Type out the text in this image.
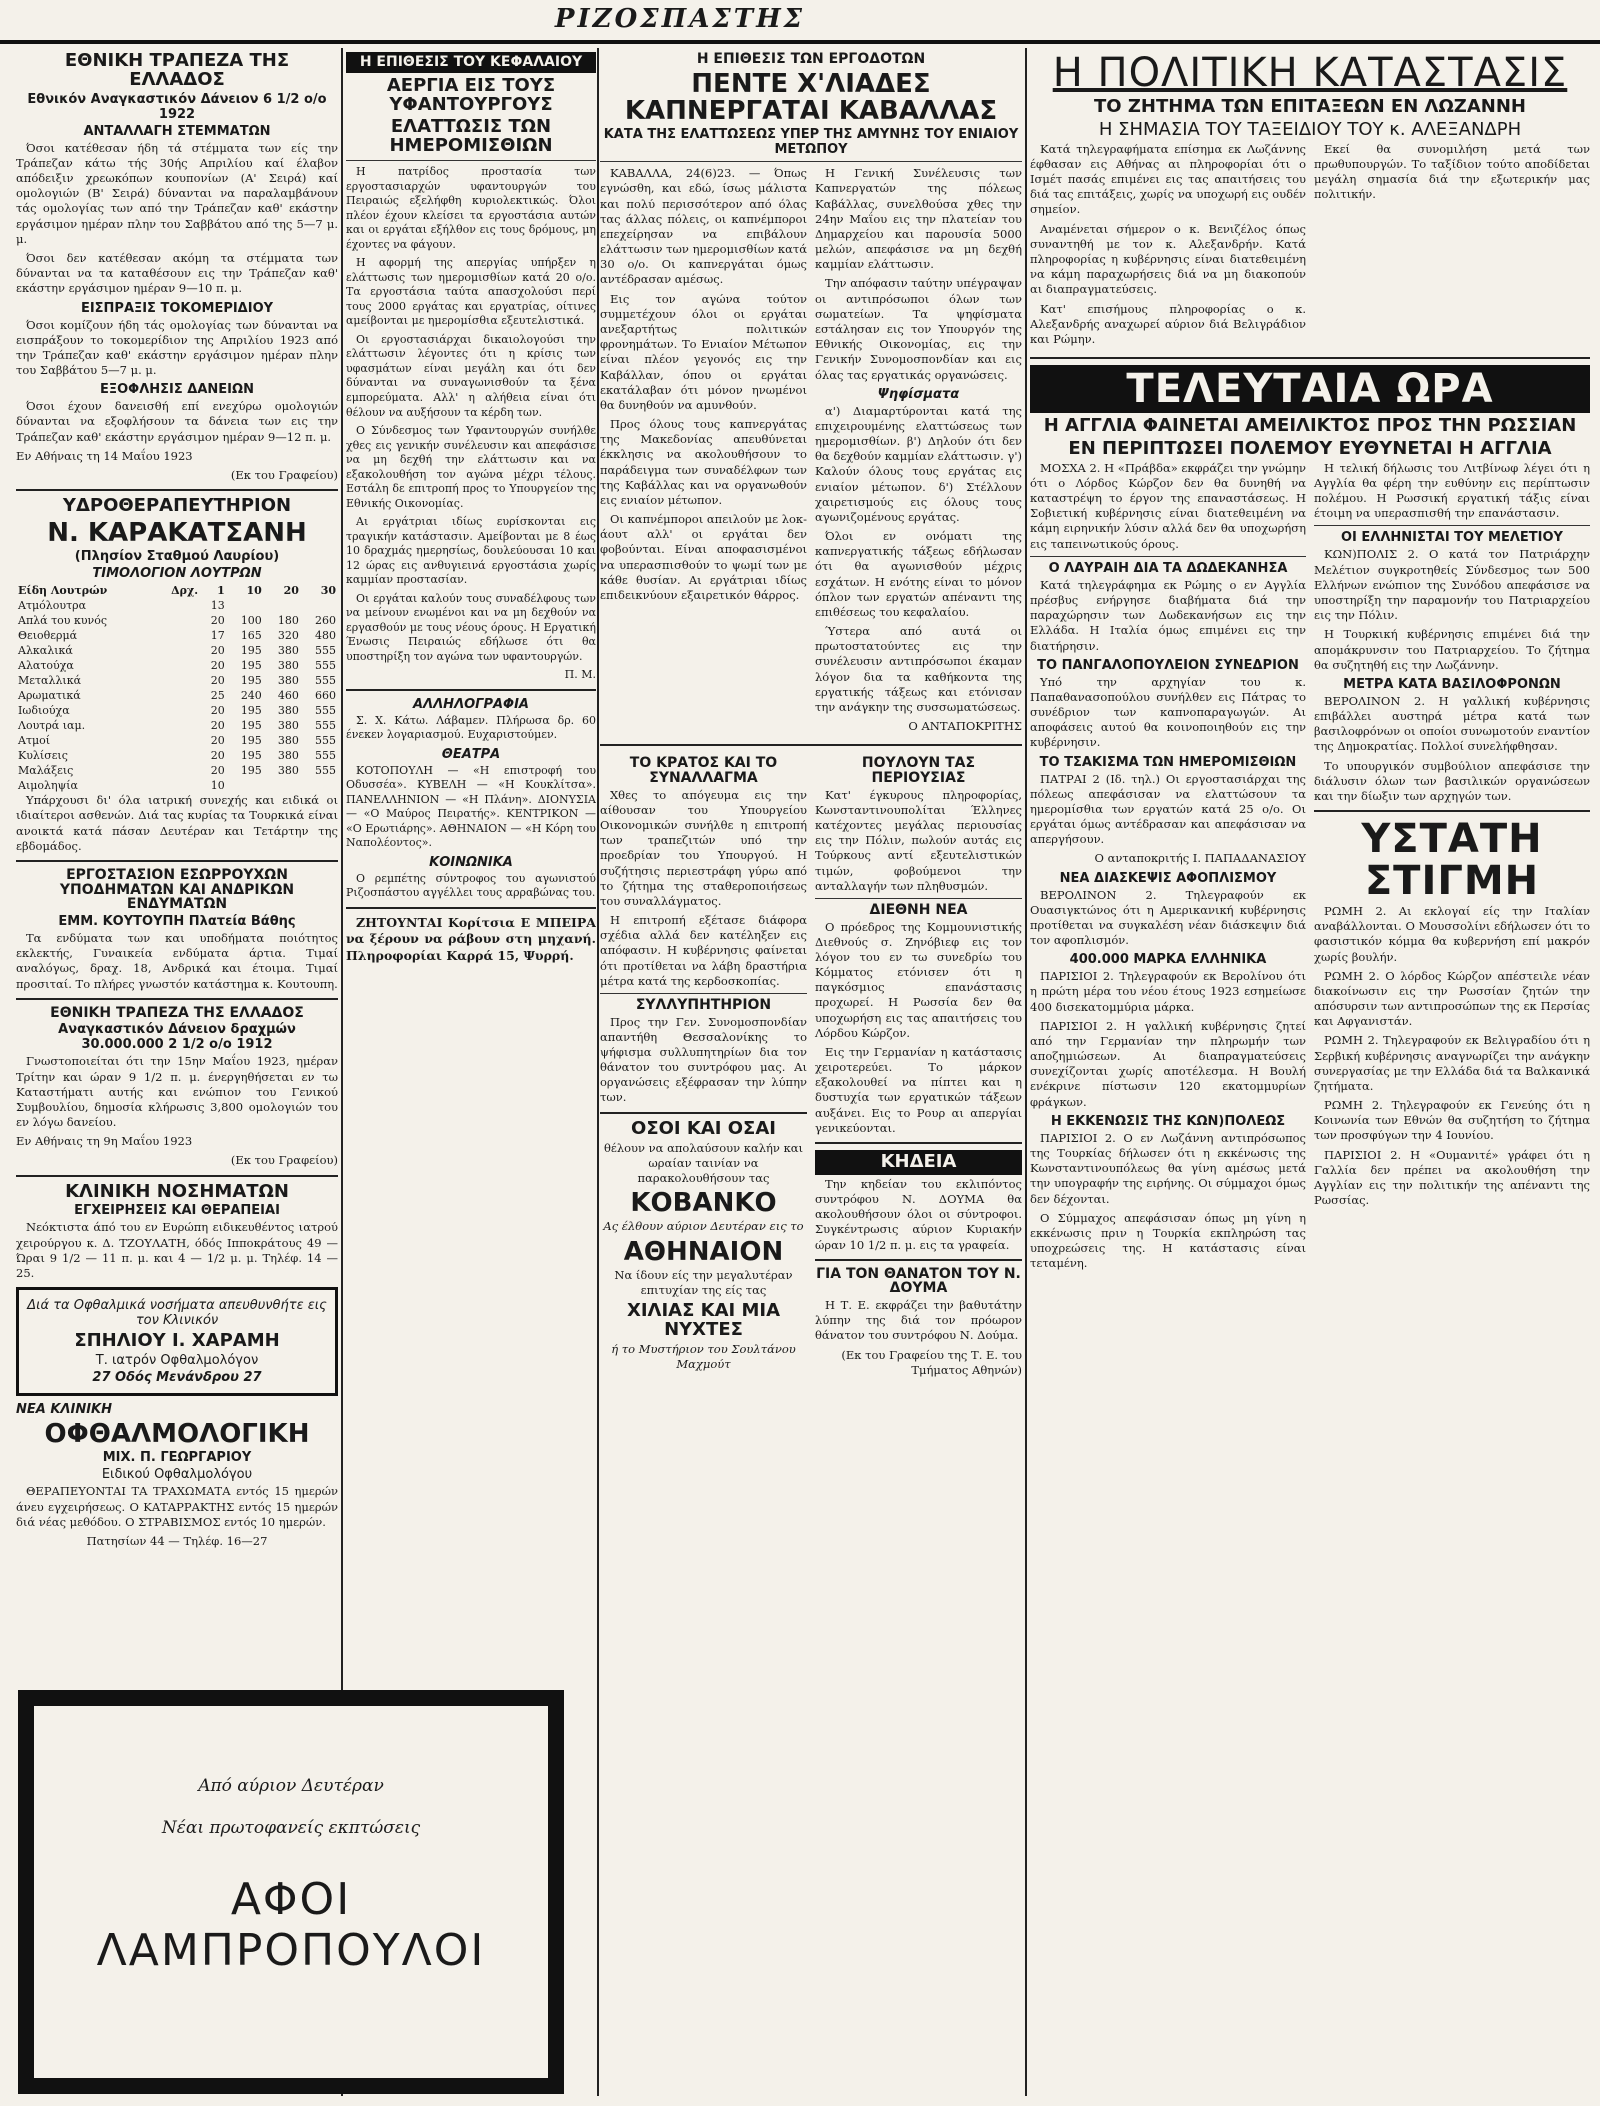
ΡΙΖΟΣΠΑΣΤΗΣ
ΕΘΝΙΚΗ ΤΡΑΠΕΖΑ ΤΗΣ ΕΛΛΑΔΟΣ
Εθνικόν Αναγκαστικόν Δάνειον 6 1/2 ο/ο 1922
ΑΝΤΑΛΛΑΓΗ ΣΤΕΜΜΑΤΩΝ

Όσοι κατέθεσαν ήδη τά στέμματα των είς την Τράπεζαν κάτω τής 30ής Απριλίου καί έλαβον απόδειξιν χρεωκόπων κουπονίων (Α' Σειρά) καί ομολογιών (Β' Σειρά) δύνανται να παραλαμβάνουν τάς ομολογίας των από την Τράπεζαν καθ' εκάστην εργάσιμον ημέραν πλην του Σαββάτου από της 5—7 μ. μ.

Όσοι δεν κατέθεσαν ακόμη τα στέμματα των δύνανται να τα καταθέσουν εις την Τράπεζαν καθ' εκάστην εργάσιμον ημέραν 9—10 π. μ.

ΕΙΣΠΡΑΞΙΣ ΤΟΚΟΜΕΡΙΔΙΟΥ

Όσοι κομίζουν ήδη τάς ομολογίας των δύνανται να εισπράξουν το τοκομερίδιον της Απριλίου 1923 από την Τράπεζαν καθ' εκάστην εργάσιμον ημέραν πλην του Σαββάτου 5—7 μ. μ.

ΕΞΟΦΛΗΣΙΣ ΔΑΝΕΙΩΝ

Όσοι έχουν δανεισθή επί ενεχύρω ομολογιών δύνανται να εξοφλήσουν τα δάνεια των εις την Τράπεζαν καθ' εκάστην εργάσιμον ημέραν 9—12 π. μ.

Εν Αθήναις τη 14 Μαΐου 1923

(Εκ του Γραφείου)

ΥΔΡΟΘΕΡΑΠΕΥΤΗΡΙΟΝ
Ν. ΚΑΡΑΚΑΤΣΑΝΗ
(Πλησίον Σταθμού Λαυρίου)
ΤΙΜΟΛΟΓΙΟΝ ΛΟΥΤΡΩΝ
Είδη Λουτρών	Δρχ.	1	10	20	30
Ατμόλουτρα		13			
Απλά του κυνός		20	100	180	260
Θειοθερμά		17	165	320	480
Αλκαλικά		20	195	380	555
Αλατούχα		20	195	380	555
Μεταλλικά		20	195	380	555
Αρωματικά		25	240	460	660
Ιωδιούχα		20	195	380	555
Λουτρά ιαμ.		20	195	380	555
Ατμοί		20	195	380	555
Κυλίσεις		20	195	380	555
Μαλάξεις		20	195	380	555
Αιμοληψία		10			

Υπάρχουσι δι' όλα ιατρική συνεχής και ειδικά οι ιδιαίτεροι ασθενών. Διά τας κυρίας τα Τουρκικά είναι ανοικτά κατά πάσαν Δευτέραν και Τετάρτην της εβδομάδος.

ΕΡΓΟΣΤΑΣΙΟΝ ΕΣΩΡΡΟΥΧΩΝ ΥΠΟΔΗΜΑΤΩΝ ΚΑΙ ΑΝΔΡΙΚΩΝ ΕΝΔΥΜΑΤΩΝ
ΕΜΜ. ΚΟΥΤΟΥΠΗ Πλατεία Βάθης

Τα ενδύματα των και υποδήματα ποιότητος εκλεκτής, Γυναικεία ενδύματα άρτια. Τιμαί αναλόγως, δραχ. 18, Ανδρικά και έτοιμα. Τιμαί προσιταί. Το πλήρες γνωστόν κατάστημα κ. Κουτουπη.

ΕΘΝΙΚΗ ΤΡΑΠΕΖΑ ΤΗΣ ΕΛΛΑΔΟΣ
Αναγκαστικόν Δάνειον δραχμών 30.000.000 2 1/2 ο/ο 1912

Γνωστοποιείται ότι την 15ην Μαΐου 1923, ημέραν Τρίτην και ώραν 9 1/2 π. μ. ένεργηθήσεται εν τω Καταστήματι αυτής και ενώπιον του Γενικού Συμβουλίου, δημοσία κλήρωσις 3,800 ομολογιών του εν λόγω δανείου.

Εν Αθήναις τη 9η Μαΐου 1923

(Εκ του Γραφείου)

ΚΛΙΝΙΚΗ ΝΟΣΗΜΑΤΩΝ
ΕΓΧΕΙΡΗΣΕΙΣ ΚΑΙ ΘΕΡΑΠΕΙΑΙ

Νεόκτιστα άπό του εν Ευρώπη ειδικευθέντος ιατρού χειρούργου κ. Δ. ΤΖΟΥΛΑΤΗ, όδός Ιπποκράτους 49 — Ώραι 9 1/2 — 11 π. μ. και 4 — 1/2 μ. μ. Τηλέφ. 14 — 25.

Διά τα Οφθαλμικά νοσήματα απευθυνθήτε εις τον Κλινικόν
ΣΠΗΛΙΟΥ Ι. ΧΑΡΑΜΗ
Τ. ιατρόν Οφθαλμολόγον
27 Οδός Μενάνδρου 27
ΝΕΑ ΚΛΙΝΙΚΗ
ΟΦΘΑΛΜΟΛΟΓΙΚΗ
ΜΙΧ. Π. ΓΕΩΡΓΑΡΙΟΥ
Ειδικού Οφθαλμολόγου

ΘΕΡΑΠΕΥΟΝΤΑΙ ΤΑ ΤΡΑΧΩΜΑΤΑ εντός 15 ημερών άνευ εγχειρήσεως. Ο ΚΑΤΑΡΡΑΚΤΗΣ εντός 15 ημερών διά νέας μεθόδου. Ο ΣΤΡΑΒΙΣΜΟΣ εντός 10 ημερών.

Πατησίων 44 — Τηλέφ. 16—27

Η ΕΠΙΘΕΣΙΣ ΤΟΥ ΚΕΦΑΛΑΙΟΥ
ΑΕΡΓΙΑ ΕΙΣ ΤΟΥΣ ΥΦΑΝΤΟΥΡΓΟΥΣ
ΕΛΑΤΤΩΣΙΣ ΤΩΝ ΗΜΕΡΟΜΙΣΘΙΩΝ

Η πατρίδος προστασία των εργοστασιαρχών υφαντουργών του Πειραιώς εξελήφθη κυριολεκτικώς. Όλοι πλέον έχουν κλείσει τα εργοστάσια αυτών και οι εργάται εξήλθον εις τους δρόμους, μη έχοντες να φάγουν.

Η αφορμή της απεργίας υπήρξεν η ελάττωσις των ημερομισθίων κατά 20 ο/ο. Τα εργοστάσια ταύτα απασχολούσι περί τους 2000 εργάτας και εργατρίας, οίτινες αμείβονται με ημερομίσθια εξευτελιστικά.

Οι εργοστασιάρχαι δικαιολογούσι την ελάττωσιν λέγοντες ότι η κρίσις των υφασμάτων είναι μεγάλη και ότι δεν δύνανται να συναγωνισθούν τα ξένα εμπορεύματα. Αλλ' η αλήθεια είναι ότι θέλουν να αυξήσουν τα κέρδη των.

Ο Σύνδεσμος των Υφαντουργών συνήλθε χθες εις γενικήν συνέλευσιν και απεφάσισε να μη δεχθή την ελάττωσιν και να εξακολουθήση τον αγώνα μέχρι τέλους. Εστάλη δε επιτροπή προς το Υπουργείον της Εθνικής Οικονομίας.

Αι εργάτριαι ιδίως ευρίσκονται εις τραγικήν κατάστασιν. Αμείβονται με 8 έως 10 δραχμάς ημερησίως, δουλεύουσαι 10 και 12 ώρας εις ανθυγιεινά εργοστάσια χωρίς καμμίαν προστασίαν.

Οι εργάται καλούν τους συναδέλφους των να μείνουν ενωμένοι και να μη δεχθούν να εργασθούν με τους νέους όρους. Η Εργατική Ένωσις Πειραιώς εδήλωσε ότι θα υποστηρίξη τον αγώνα των υφαντουργών.

Π. Μ.

ΑΛΛΗΛΟΓΡΑΦΙΑ

Σ. Χ. Κάτω. Λάβαμεν. Πλήρωσα δρ. 60 ένεκεν λογαριασμού. Ευχαριστούμεν.

ΘΕΑΤΡΑ

ΚΟΤΟΠΟΥΛΗ — «Η επιστροφή του Οδυσσέα». ΚΥΒΕΛΗ — «Η Κουκλίτσα». ΠΑΝΕΛΛΗΝΙΟΝ — «Η Πλάνη». ΔΙΟΝΥΣΙΑ — «Ο Μαύρος Πειρατής». ΚΕΝΤΡΙΚΟΝ — «Ο Ερωτιάρης». ΑΘΗΝΑΙΟΝ — «Η Κόρη του Ναπολέοντος».

ΚΟΙΝΩΝΙΚΑ

Ο ρεμπέτης σύντροφος του αγωνιστού Ριζοσπάστου αγγέλλει τους αρραβώνας του.

ΖΗΤΟΥΝΤΑΙ Κορίτσια Ε ΜΠΕΙΡΑ να ξέρουν να ράβουν στη μηχανή. Πληροφορίαι Καρρά 15, Ψυρρή.

Η ΕΠΙΘΕΣΙΣ ΤΩΝ ΕΡΓΟΔΟΤΩΝ
ΠΕΝΤΕ Χ'ΛΙΑΔΕΣ ΚΑΠΝΕΡΓΑΤΑΙ ΚΑΒΑΛΛΑΣ
ΚΑΤΑ ΤΗΣ ΕΛΑΤΤΩΣΕΩΣ ΥΠΕΡ ΤΗΣ ΑΜΥΝΗΣ ΤΟΥ ΕΝΙΑΙΟΥ ΜΕΤΩΠΟΥ

ΚΑΒΑΛΛΑ, 24(6)23. — Όπως εγνώσθη, και εδώ, ίσως μάλιστα και πολύ περισσότερον από όλας τας άλλας πόλεις, οι καπνέμποροι επεχείρησαν να επιβάλουν ελάττωσιν των ημερομισθίων κατά 30 ο/ο. Οι καπνεργάται όμως αντέδρασαν αμέσως.

Εις τον αγώνα τούτον συμμετέχουν όλοι οι εργάται ανεξαρτήτως πολιτικών φρονημάτων. Το Ενιαίον Μέτωπον είναι πλέον γεγονός εις την Καβάλλαν, όπου οι εργάται εκατάλαβαν ότι μόνον ηνωμένοι θα δυνηθούν να αμυνθούν.

Προς όλους τους καπνεργάτας της Μακεδονίας απευθύνεται έκκλησις να ακολουθήσουν το παράδειγμα των συναδέλφων των της Καβάλλας και να οργανωθούν εις ενιαίον μέτωπον.

Οι καπνέμποροι απειλούν με λοκ-άουτ αλλ' οι εργάται δεν φοβούνται. Είναι αποφασισμένοι να υπερασπισθούν το ψωμί των με κάθε θυσίαν. Αι εργάτριαι ιδίως επιδεικνύουν εξαιρετικόν θάρρος.

Η Γενική Συνέλευσις των Καπνεργατών της πόλεως Καβάλλας, συνελθούσα χθες την 24ην Μαΐου εις την πλατείαν του Δημαρχείου και παρουσία 5000 μελών, απεφάσισε να μη δεχθή καμμίαν ελάττωσιν.

Την απόφασιν ταύτην υπέγραψαν οι αντιπρόσωποι όλων των σωματείων. Τα ψηφίσματα εστάλησαν εις τον Υπουργόν της Εθνικής Οικονομίας, εις την Γενικήν Συνομοσπονδίαν και εις όλας τας εργατικάς οργανώσεις.

Ψηφίσματα

α') Διαμαρτύρονται κατά της επιχειρουμένης ελαττώσεως των ημερομισθίων. β') Δηλούν ότι δεν θα δεχθούν καμμίαν ελάττωσιν. γ') Καλούν όλους τους εργάτας εις ενιαίον μέτωπον. δ') Στέλλουν χαιρετισμούς εις όλους τους αγωνιζομένους εργάτας.

Όλοι εν ονόματι της καπνεργατικής τάξεως εδήλωσαν ότι θα αγωνισθούν μέχρις εσχάτων. Η ενότης είναι το μόνον όπλον των εργατών απέναντι της επιθέσεως του κεφαλαίου.

Ύστερα από αυτά οι πρωτοστατούντες εις την συνέλευσιν αντιπρόσωποι έκαμαν λόγον δια τα καθήκοντα της εργατικής τάξεως και ετόνισαν την ανάγκην της συσσωματώσεως.

Ο ΑΝΤΑΠΟΚΡΙΤΗΣ

ΤΟ ΚΡΑΤΟΣ ΚΑΙ ΤΟ ΣΥΝΑΛΛΑΓΜΑ

Χθες το απόγευμα εις την αίθουσαν του Υπουργείου Οικονομικών συνήλθε η επιτροπή των τραπεζιτών υπό την προεδρίαν του Υπουργού. Η συζήτησις περιεστράφη γύρω από το ζήτημα της σταθεροποιήσεως του συναλλάγματος.

Η επιτροπή εξέτασε διάφορα σχέδια αλλά δεν κατέληξεν εις απόφασιν. Η κυβέρνησις φαίνεται ότι προτίθεται να λάβη δραστήρια μέτρα κατά της κερδοσκοπίας.

ΣΥΛΛΥΠΗΤΗΡΙΟΝ

Προς την Γεν. Συνομοσπονδίαν απαντήθη Θεσσαλονίκης το ψήφισμα συλλυπητηρίων δια τον θάνατον του συντρόφου μας. Αι οργανώσεις εξέφρασαν την λύπην των.

ΟΣΟΙ ΚΑΙ ΟΣΑΙ

θέλουν να απολαύσουν καλήν και ωραίαν ταινίαν να παρακολουθήσουν τας

ΚΟΒΑΝΚΟ

Ας έλθουν αύριον Δευτέραν εις το

ΑΘΗΝΑΙΟΝ

Να ίδουν είς την μεγαλυτέραν επιτυχίαν της είς τας

ΧΙΛΙΑΣ ΚΑΙ ΜΙΑ ΝΥΧΤΕΣ

ή το Μυστήριον του Σουλτάνου Μαχμούτ

ΠΟΥΛΟΥΝ ΤΑΣ ΠΕΡΙΟΥΣΙΑΣ

Κατ' έγκυρους πληροφορίας, Κωνσταντινουπολίται Έλληνες κατέχοντες μεγάλας περιουσίας εις την Πόλιν, πωλούν αυτάς εις Τούρκους αντί εξευτελιστικών τιμών, φοβούμενοι την ανταλλαγήν των πληθυσμών.

ΔΙΕΘΝΗ ΝΕΑ

Ο πρόεδρος της Κομμουνιστικής Διεθνούς σ. Ζηνόβιεφ εις τον λόγον του εν τω συνεδρίω του Κόμματος ετόνισεν ότι η παγκόσμιος επανάστασις προχωρεί. Η Ρωσσία δεν θα υποχωρήση εις τας απαιτήσεις του Λόρδου Κώρζον.

Εις την Γερμανίαν η κατάστασις χειροτερεύει. Το μάρκον εξακολουθεί να πίπτει και η δυστυχία των εργατικών τάξεων αυξάνει. Εις το Ρουρ αι απεργίαι γενικεύονται.

ΚΗΔΕΙΑ

Την κηδείαν του εκλιπόντος συντρόφου Ν. ΔΟΥΜΑ θα ακολουθήσουν όλοι οι σύντροφοι. Συγκέντρωσις αύριον Κυριακήν ώραν 10 1/2 π. μ. εις τα γραφεία.

ΓΙΑ ΤΟΝ ΘΑΝΑΤΟΝ ΤΟΥ Ν. ΔΟΥΜΑ

Η Τ. Ε. εκφράζει την βαθυτάτην λύπην της διά τον πρόωρον θάνατον του συντρόφου Ν. Δούμα.

(Εκ του Γραφείου της Τ. Ε. του Τμήματος Αθηνών)

Η ΠΟΛΙΤΙΚΗ ΚΑΤΑΣΤΑΣΙΣ
ΤΟ ΖΗΤΗΜΑ ΤΩΝ ΕΠΙΤΑΞΕΩΝ ΕΝ ΛΩΖΑΝΝΗ
Η ΣΗΜΑΣΙΑ ΤΟΥ ΤΑΞΕΙΔΙΟΥ ΤΟΥ κ. ΑΛΕΞΑΝΔΡΗ

Κατά τηλεγραφήματα επίσημα εκ Λωζάννης έφθασαν εις Αθήνας αι πληροφορίαι ότι ο Ισμέτ πασάς επιμένει εις τας απαιτήσεις του διά τας επιτάξεις, χωρίς να υποχωρή εις ουδέν σημείον.

Αναμένεται σήμερον ο κ. Βενιζέλος όπως συναντηθή με τον κ. Αλεξανδρήν. Κατά πληροφορίας η κυβέρνησις είναι διατεθειμένη να κάμη παραχωρήσεις διά να μη διακοπούν αι διαπραγματεύσεις.

Κατ' επισήμους πληροφορίας ο κ. Αλεξανδρής αναχωρεί αύριον διά Βελιγράδιον και Ρώμην.

Εκεί θα συνομιλήση μετά των πρωθυπουργών. Το ταξίδιον τούτο αποδίδεται μεγάλη σημασία διά την εξωτερικήν μας πολιτικήν.

ΤΕΛΕΥΤΑΙΑ ΩΡΑ
Η ΑΓΓΛΙΑ ΦΑΙΝΕΤΑΙ ΑΜΕΙΛΙΚΤΟΣ ΠΡΟΣ ΤΗΝ ΡΩΣΣΙΑΝ
ΕΝ ΠΕΡΙΠΤΩΣΕΙ ΠΟΛΕΜΟΥ ΕΥΘΥΝΕΤΑΙ Η ΑΓΓΛΙΑ

ΜΟΣΧΑ 2. Η «Πράβδα» εκφράζει την γνώμην ότι ο Λόρδος Κώρζον δεν θα δυνηθή να καταστρέψη το έργον της επαναστάσεως. Η Σοβιετική κυβέρνησις είναι διατεθειμένη να κάμη ειρηνικήν λύσιν αλλά δεν θα υποχωρήση εις ταπεινωτικούς όρους.

Ο ΛΑΥΡΑΙΗ ΔΙΑ ΤΑ ΔΩΔΕΚΑΝΗΣΑ

Κατά τηλεγράφημα εκ Ρώμης ο εν Αγγλία πρέσβυς ενήργησε διαβήματα διά την παραχώρησιν των Δωδεκανήσων εις την Ελλάδα. Η Ιταλία όμως επιμένει εις την διατήρησιν.

ΤΟ ΠΑΝΓΑΛΟΠΟΥΛΕΙΟΝ ΣΥΝΕΔΡΙΟΝ

Υπό την αρχηγίαν του κ. Παπαθανασοπούλου συνήλθεν εις Πάτρας το συνέδριον των καπνοπαραγωγών. Αι αποφάσεις αυτού θα κοινοποιηθούν εις την κυβέρνησιν.

ΤΟ ΤΣΑΚΙΣΜΑ ΤΩΝ ΗΜΕΡΟΜΙΣΘΙΩΝ

ΠΑΤΡΑΙ 2 (Ιδ. τηλ.) Οι εργοστασιάρχαι της πόλεως απεφάσισαν να ελαττώσουν τα ημερομίσθια των εργατών κατά 25 ο/ο. Οι εργάται όμως αντέδρασαν και απεφάσισαν να απεργήσουν.

Ο ανταποκριτής Ι. ΠΑΠΑΔΑΝΑΣΙΟΥ

ΝΕΑ ΔΙΑΣΚΕΨΙΣ ΑΦΟΠΛΙΣΜΟΥ

ΒΕΡΟΛΙΝΟΝ 2. Τηλεγραφούν εκ Ουασιγκτώνος ότι η Αμερικανική κυβέρνησις προτίθεται να συγκαλέση νέαν διάσκεψιν διά τον αφοπλισμόν.

400.000 ΜΑΡΚΑ ΕΛΛΗΝΙΚΑ

ΠΑΡΙΣΙΟΙ 2. Τηλεγραφούν εκ Βερολίνου ότι η πρώτη μέρα του νέου έτους 1923 εσημείωσε 400 δισεκατομμύρια μάρκα.

ΠΑΡΙΣΙΟΙ 2. Η γαλλική κυβέρνησις ζητεί από την Γερμανίαν την πληρωμήν των αποζημιώσεων. Αι διαπραγματεύσεις συνεχίζονται χωρίς αποτέλεσμα. Η Βουλή ενέκρινε πίστωσιν 120 εκατομμυρίων φράγκων.

Η ΕΚΚΕΝΩΣΙΣ ΤΗΣ ΚΩΝ)ΠΟΛΕΩΣ

ΠΑΡΙΣΙΟΙ 2. Ο εν Λωζάννη αντιπρόσωπος της Τουρκίας δήλωσεν ότι η εκκένωσις της Κωνσταντινουπόλεως θα γίνη αμέσως μετά την υπογραφήν της ειρήνης. Οι σύμμαχοι όμως δεν δέχονται.

Ο Σύμμαχος απεφάσισαν όπως μη γίνη η εκκένωσις πριν η Τουρκία εκπληρώση τας υποχρεώσεις της. Η κατάστασις είναι τεταμένη.

Η τελική δήλωσις του Λιτβίνωφ λέγει ότι η Αγγλία θα φέρη την ευθύνην εις περίπτωσιν πολέμου. Η Ρωσσική εργατική τάξις είναι έτοιμη να υπερασπισθή την επανάστασιν.

ΟΙ ΕΛΛΗΝΙΣΤΑΙ ΤΟΥ ΜΕΛΕΤΙΟΥ

ΚΩΝ)ΠΟΛΙΣ 2. Ο κατά τον Πατριάρχην Μελέτιον συγκροτηθείς Σύνδεσμος των 500 Ελλήνων ενώπιον της Συνόδου απεφάσισε να υποστηρίξη την παραμονήν του Πατριαρχείου εις την Πόλιν.

Η Τουρκική κυβέρνησις επιμένει διά την απομάκρυνσιν του Πατριαρχείου. Το ζήτημα θα συζητηθή εις την Λωζάννην.

ΜΕΤΡΑ ΚΑΤΑ ΒΑΣΙΛΟΦΡΟΝΩΝ

ΒΕΡΟΛΙΝΟΝ 2. Η γαλλική κυβέρνησις επιβάλλει αυστηρά μέτρα κατά των βασιλοφρόνων οι οποίοι συνωμοτούν εναντίον της Δημοκρατίας. Πολλοί συνελήφθησαν.

Το υπουργικόν συμβούλιον απεφάσισε την διάλυσιν όλων των βασιλικών οργανώσεων και την δίωξιν των αρχηγών των.

ΥΣΤΑΤΗ ΣΤΙΓΜΗ

ΡΩΜΗ 2. Αι εκλογαί είς την Ιταλίαν αναβάλλονται. Ο Μουσσολίνι εδήλωσεν ότι το φασιστικόν κόμμα θα κυβερνήση επί μακρόν χωρίς βουλήν.

ΡΩΜΗ 2. Ο λόρδος Κώρζον απέστειλε νέαν διακοίνωσιν εις την Ρωσσίαν ζητών την απόσυρσιν των αντιπροσώπων της εκ Περσίας και Αφγανιστάν.

ΡΩΜΗ 2. Τηλεγραφούν εκ Βελιγραδίου ότι η Σερβική κυβέρνησις αναγνωρίζει την ανάγκην συνεργασίας με την Ελλάδα διά τα Βαλκανικά ζητήματα.

ΡΩΜΗ 2. Τηλεγραφούν εκ Γενεύης ότι η Κοινωνία των Εθνών θα συζητήση το ζήτημα των προσφύγων την 4 Ιουνίου.

ΠΑΡΙΣΙΟΙ 2. Η «Ουμανιτέ» γράφει ότι η Γαλλία δεν πρέπει να ακολουθήση την Αγγλίαν εις την πολιτικήν της απέναντι της Ρωσσίας.

Από αύριον Δευτέραν
Νέαι πρωτοφανείς εκπτώσεις
ΑΦΟΙ ΛΑΜΠΡΟΠΟΥΛΟΙ
